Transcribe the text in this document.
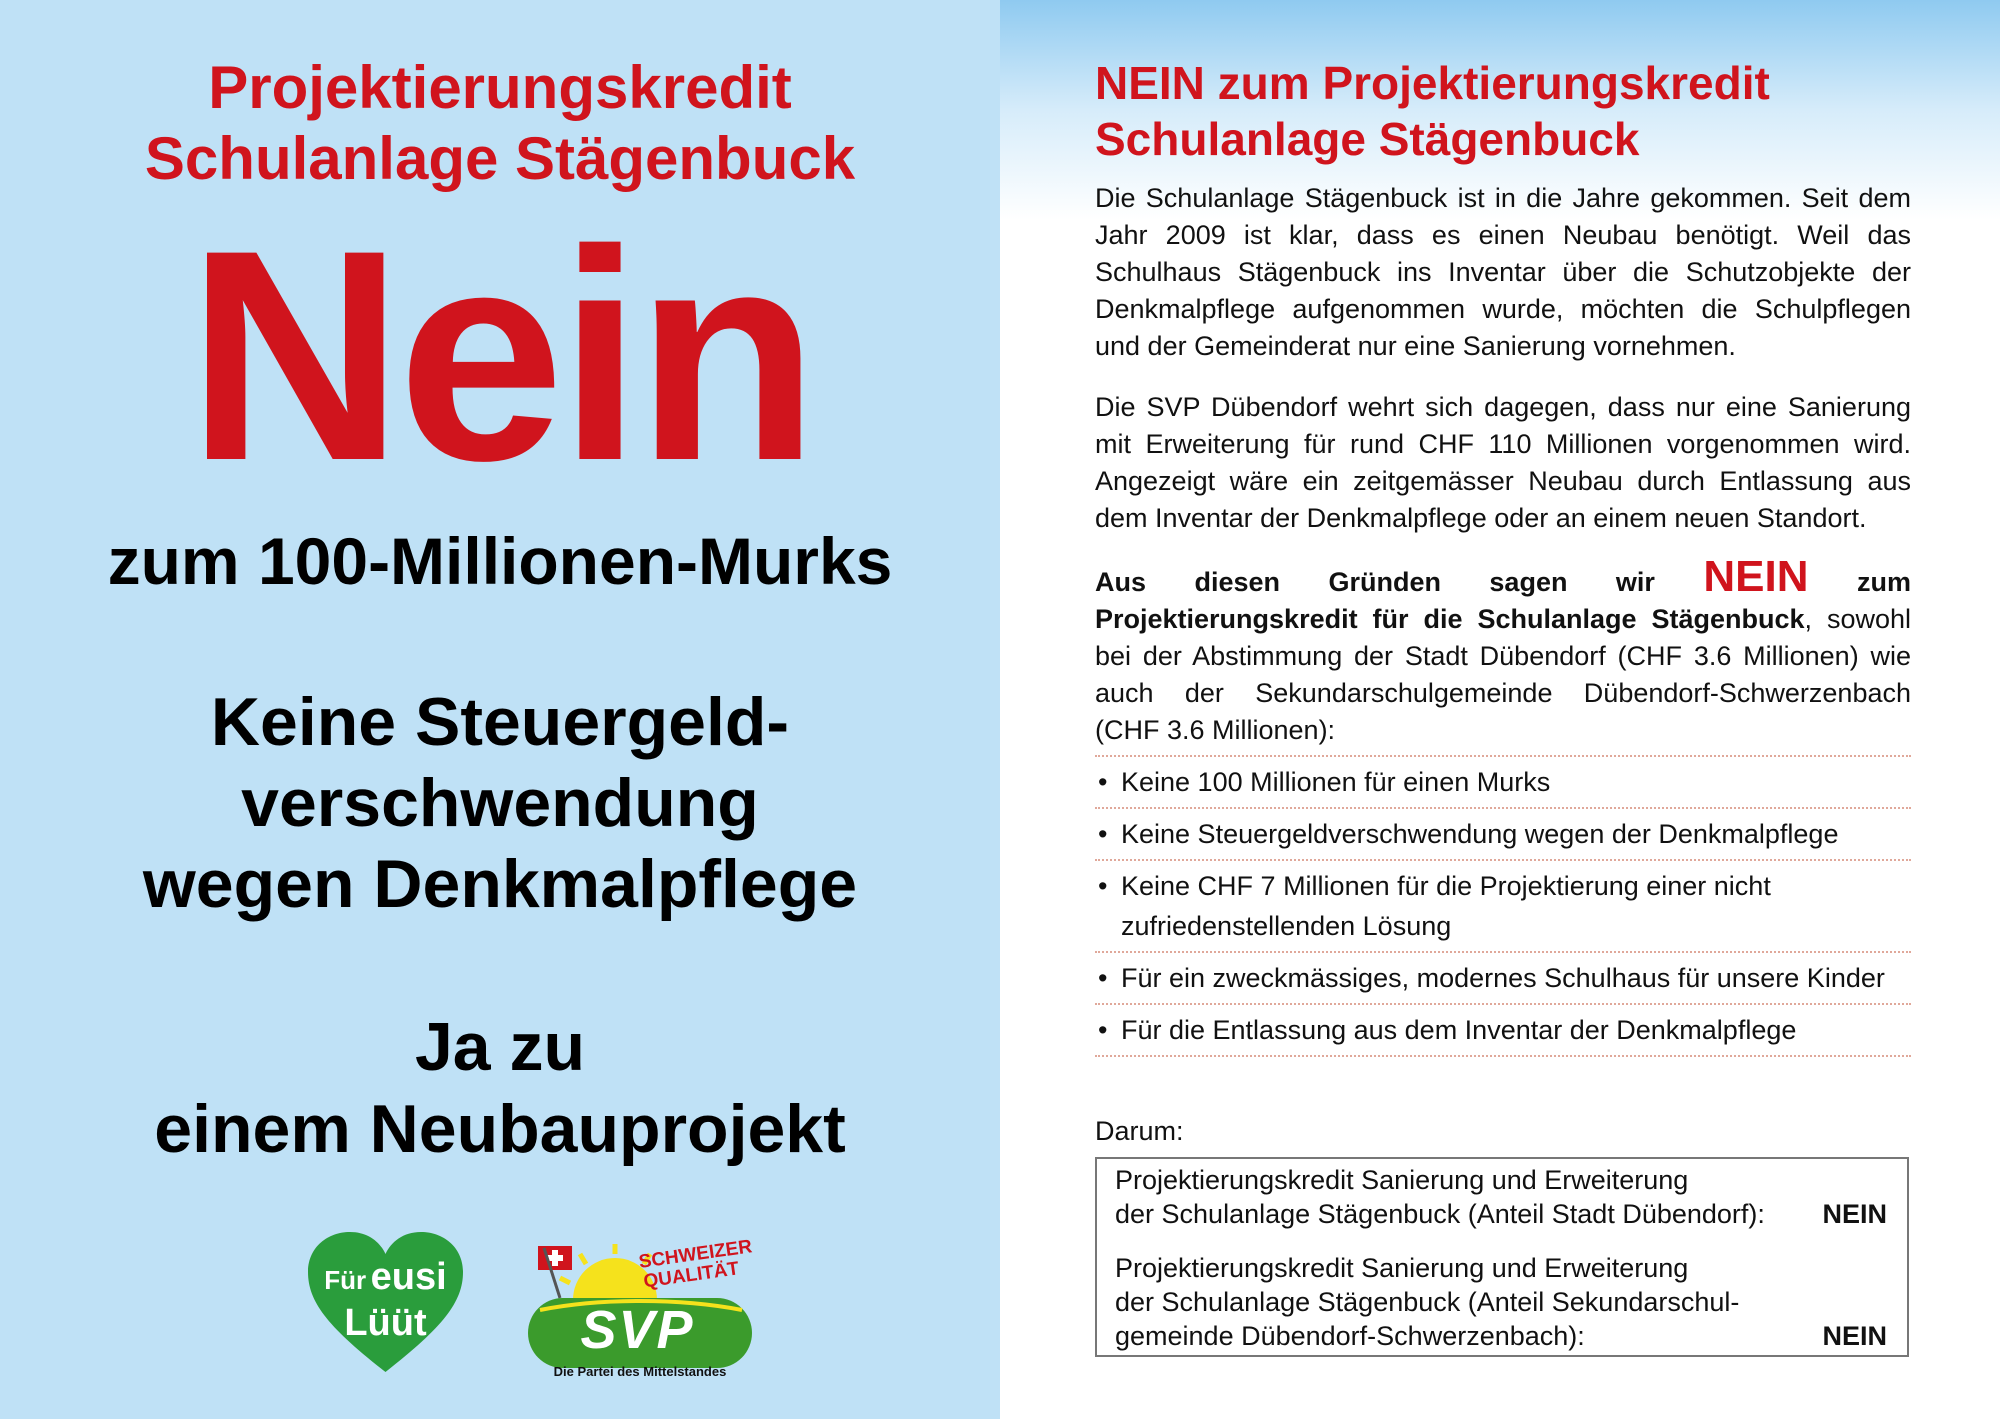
Projektierungskredit
Schulanlage Stägenbuck
Nein
zum 100-Millionen-Murks
Keine Steuergeld-
verschwendung
wegen Denkmalpflege
Ja zu
einem Neubauprojekt
Für eusi
Lüüt
SCHWEIZER QUALITÄT
SVP
Die Partei des Mittelstandes
NEIN zum Projektierungskredit
Schulanlage Stägenbuck

Die Schulanlage Stägenbuck ist in die Jahre gekommen. Seit dem Jahr 2009 ist klar, dass es einen Neubau benötigt. Weil das Schulhaus Stägenbuck ins Inventar über die Schutzobjekte der Denkmalpflege aufgenommen wurde, möchten die Schulpflegen und der Gemeinderat nur eine Sanierung vornehmen.

Die SVP Dübendorf wehrt sich dagegen, dass nur eine Sanierung mit Erweiterung für rund CHF 110 Millionen vorgenommen wird. Angezeigt wäre ein zeitgemässer Neubau durch Entlassung aus dem Inventar der Denkmalpflege oder an einem neuen Standort.

Aus diesen Gründen sagen wir NEIN zum Projektierungskredit für die Schulanlage Stägenbuck, sowohl bei der Abstimmung der Stadt Dübendorf (CHF 3.6 Millionen) wie auch der Sekundarschulgemeinde Dübendorf-Schwerzenbach (CHF 3.6 Millionen):

• Keine 100 Millionen für einen Murks
• Keine Steuergeldverschwendung wegen der Denkmalpflege
• Keine CHF 7 Millionen für die Projektierung einer nicht zufriedenstellenden Lösung
• Für ein zweckmässiges, modernes Schulhaus für unsere Kinder
• Für die Entlassung aus dem Inventar der Denkmalpflege
Darum:
Projektierungskredit Sanierung und Erweiterung
der Schulanlage Stägenbuck (Anteil Stadt Dübendorf):	NEIN
Projektierungskredit Sanierung und Erweiterung
der Schulanlage Stägenbuck (Anteil Sekundarschul-
gemeinde Dübendorf-Schwerzenbach):	NEIN
